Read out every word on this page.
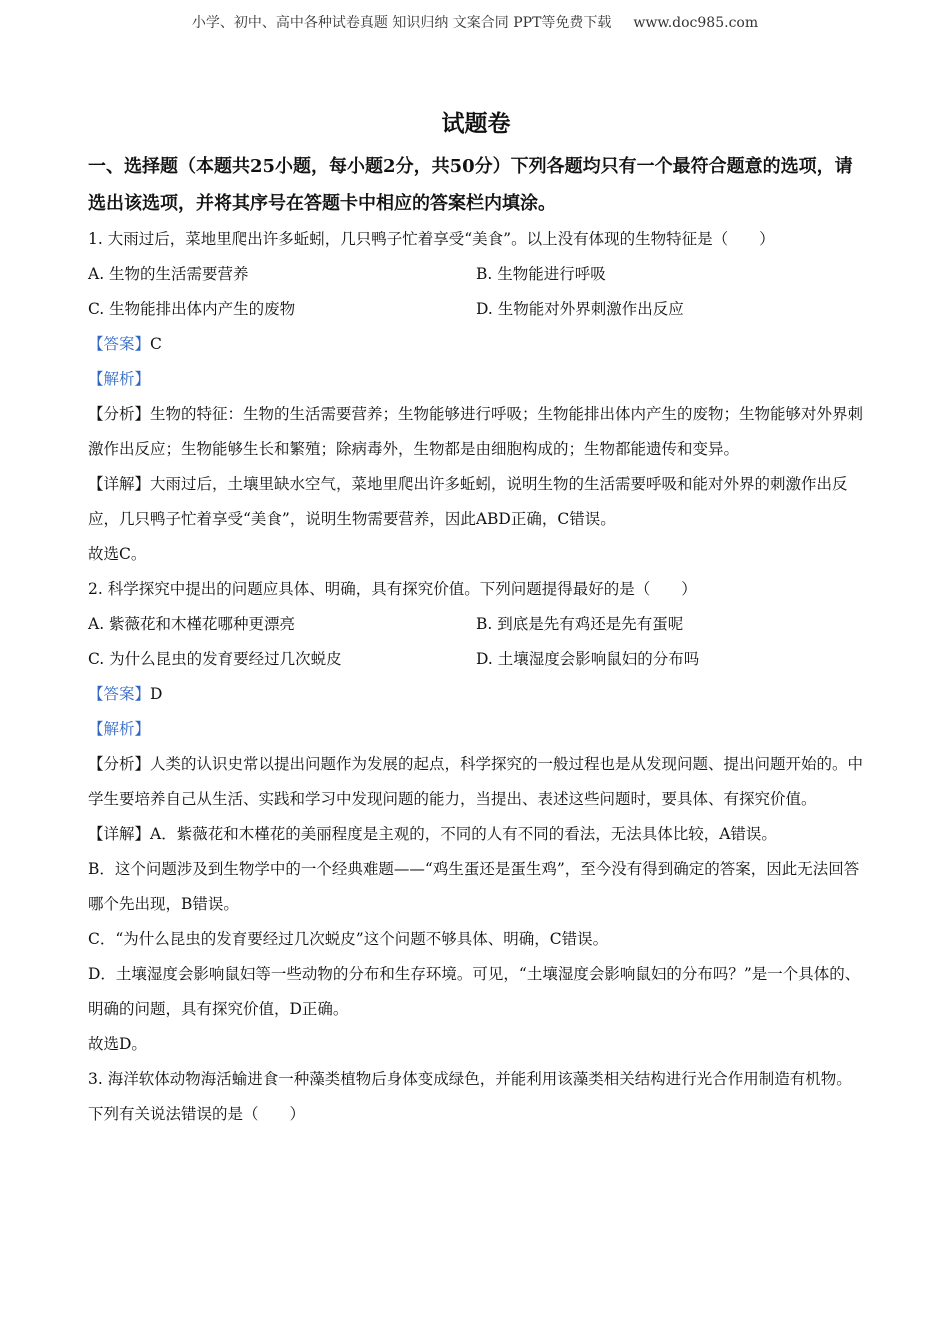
小学、初中、高中各种试卷真题 知识归纳 文案合同 PPT等免费下载 www.doc985.com
试题卷
一、选择题（本题共25小题，每小题2分，共50分）下列各题均只有一个最符合题意的选项，请选出该选项，并将其序号在答题卡中相应的答案栏内填涂。
1. 大雨过后，菜地里爬出许多蚯蚓，几只鸭子忙着享受“美食”。以上没有体现的生物特征是（　　）
A. 生物的生活需要营养	B. 生物能进行呼吸
C. 生物能排出体内产生的废物	D. 生物能对外界刺激作出反应
【答案】C
【解析】
【分析】生物的特征：生物的生活需要营养；生物能够进行呼吸；生物能排出体内产生的废物；生物能够对外界刺激作出反应；生物能够生长和繁殖；除病毒外，生物都是由细胞构成的；生物都能遗传和变异。
【详解】大雨过后，土壤里缺水空气，菜地里爬出许多蚯蚓，说明生物的生活需要呼吸和能对外界的刺激作出反应，几只鸭子忙着享受“美食”，说明生物需要营养，因此ABD正确，C错误。
故选C。
2. 科学探究中提出的问题应具体、明确，具有探究价值。下列问题提得最好的是（　　）
A. 紫薇花和木槿花哪种更漂亮	B. 到底是先有鸡还是先有蛋呢
C. 为什么昆虫的发育要经过几次蜕皮	D. 土壤湿度会影响鼠妇的分布吗
【答案】D
【解析】
【分析】人类的认识史常以提出问题作为发展的起点，科学探究的一般过程也是从发现问题、提出问题开始的。中学生要培养自己从生活、实践和学习中发现问题的能力，当提出、表述这些问题时，要具体、有探究价值。
【详解】A．紫薇花和木槿花的美丽程度是主观的，不同的人有不同的看法，无法具体比较，A错误。
B．这个问题涉及到生物学中的一个经典难题——“鸡生蛋还是蛋生鸡”，至今没有得到确定的答案，因此无法回答哪个先出现，B错误。
C．“为什么昆虫的发育要经过几次蜕皮”这个问题不够具体、明确，C错误。
D．土壤湿度会影响鼠妇等一些动物的分布和生存环境。可见，“土壤湿度会影响鼠妇的分布吗？”是一个具体的、明确的问题，具有探究价值，D正确。
故选D。
3. 海洋软体动物海活蝓进食一种藻类植物后身体变成绿色，并能利用该藻类相关结构进行光合作用制造有机物。下列有关说法错误的是（　　）
